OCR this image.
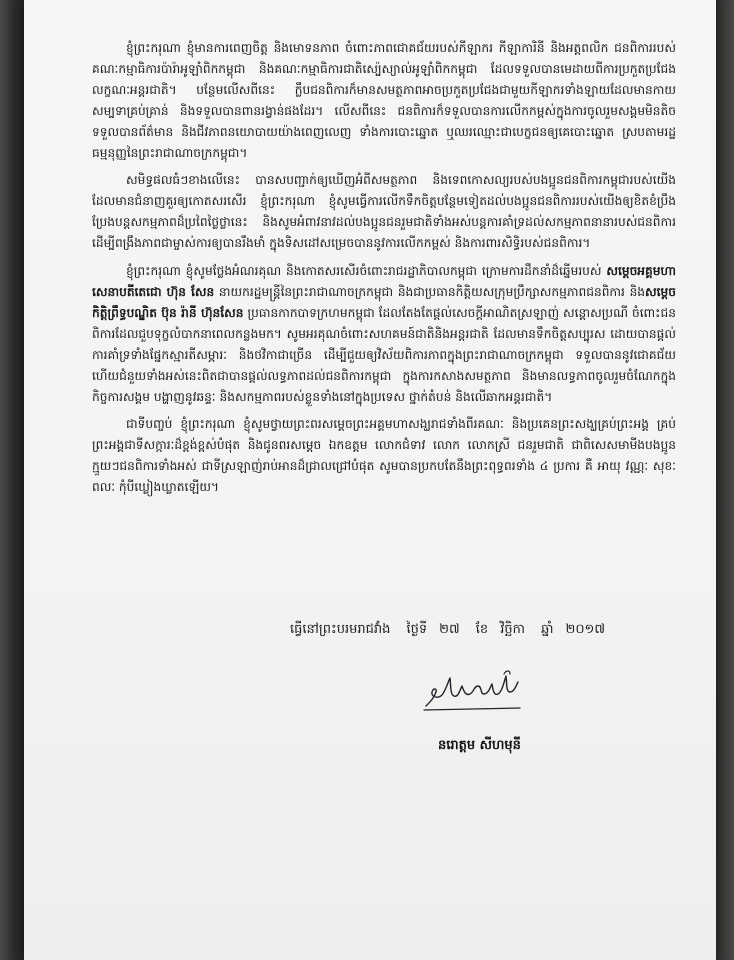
ខ្ញុំព្រះករុណា ខ្ញុំមានការពេញចិត្ដ និងមោទនភាព ចំពោះភាពជោគជ័យរបស់កីឡាករ កីឡាការិនី និងអត្តពលិក ជនពិការរបស់គណៈកម្មាធិការប៉ារ៉ាអូឡាំពិកកម្ពុជា និងគណៈកម្មាធិការជាតិស្ប៉េស្យាល់អូឡាំពិកកម្ពុជា ដែលទទួលបានមេដាយពីការប្រកួតប្រជែងលក្ខណៈអន្ដរជាតិ។ បន្ថែមលើសពីនេះ ក្លឹបជនពិការក៏មានសមត្ថភាពអាចប្រកួតប្រជែងជាមួយកីឡាករទាំងឡាយដែលមានកាយសម្បទាគ្រប់គ្រាន់ និងទទួលបានពានរង្វាន់ផងដែរ។ លើសពីនេះ ជនពិការក៏ទទួលបានការលើកកម្ពស់ក្នុងការចូលរួមសង្គមមិនតិចទទួលបានព័ត៌មាន និងជីវភាពនយោបាយយ៉ាងពេញលេញ ទាំងការបោះឆ្នោត ឬឈរឈ្មោះជាបេក្ខជនឲ្យគេបោះឆ្នោត ស្របតាមរដ្ឋធម្មនុញ្ញនៃព្រះរាជាណាចក្រកម្ពុជា។

សមិទ្ធផលធំៗខាងលើនេះ បានសបញ្ជាក់ឲ្យឃើញអំពីសមត្ថភាព និងទេពកោសល្យរបស់បងប្អូនជនពិការកម្ពុជារបស់យើង ដែលមានជំនាញគួរឲ្យកោតសរសើរ ខ្ញុំព្រះករុណា ខ្ញុំសូមធ្វើការលើកទឹកចិត្តបន្ថែមទៀតដល់បងប្អូនជនពិការរបស់យើងឲ្យខិតខំប្រឹងប្រែងបន្តសកម្មភាពដ៏ប្រពៃថ្លៃថ្លានេះ និងសូមអំពាវនាវដល់បងប្អូនជនរួមជាតិទាំងអស់បន្តការគាំទ្រដល់សកម្មភាពនានារបស់ជនពិការ ដើម្បីពង្រឹងភាពជាម្ចាស់ការឲ្យបានរឹងមាំ ក្នុងទិសដៅសម្រេចបាននូវការលើកកម្ពស់ និងការពារសិទ្ធិរបស់ជនពិការ។

ខ្ញុំព្រះករុណា ខ្ញុំសូមថ្លែងអំណរគុណ និងកោតសរសើរចំពោះរាជរដ្ឋាភិបាលកម្ពុជា ក្រោមការដឹកនាំដ៏ឆ្នើមរបស់ សម្ដេចអគ្គមហាសេនាបតីតេជោ ហ៊ុន សែន នាយករដ្ឋមន្ត្រីនៃព្រះរាជាណាចក្រកម្ពុជា និងជាប្រធានកិត្តិយសក្រុមប្រឹក្សាសកម្មភាពជនពិការ និងសម្ដេចកិត្តិព្រឹទ្ធបណ្ឌិត ប៊ុន រ៉ានី ហ៊ុនសែន ប្រធានកាកបាទក្រហមកម្ពុជា ដែលតែងតែផ្ដល់សេចក្ដីអាណិតស្រឡាញ់ សន្ដោសប្រណី ចំពោះជនពិការដែលជួបទុក្ខលំបាកនាពេលកន្លងមក។ សូមអរគុណចំពោះសហគមន៍ជាតិនិងអន្ដរជាតិ ដែលមានទឹកចិត្តសប្បុរស ដោយបានផ្ដល់ការគាំទ្រទាំងផ្នែកស្មារតីសម្ភារៈ និងថវិកាជាច្រើន ដើម្បីជួយឲ្យវិស័យពិការភាពក្នុងព្រះរាជាណាចក្រកម្ពុជា ទទួលបាននូវជោគជ័យ ហើយជំនួយទាំងអស់នេះពិតជាបានផ្ដល់លទ្ធភាពដល់ជនពិការកម្ពុជា ក្នុងការកសាងសមត្ថភាព និងមានលទ្ធភាពចូលរួមចំណែកក្នុងកិច្ចការសង្គម បង្ហាញនូវឆន្ទៈ និងសកម្មភាពរបស់ខ្លួនទាំងនៅក្នុងប្រទេស ថ្នាក់តំបន់ និងលើឆាកអន្ដរជាតិ។

ជាទីបញ្ចប់ ខ្ញុំព្រះករុណា ខ្ញុំសូមថ្វាយព្រះពរសម្ដេចព្រះអគ្គមហាសង្ឃរាជទាំងពីរគណៈ និងប្រគេនព្រះសង្ឃគ្រប់ព្រះអង្គ គ្រប់ព្រះអង្គជាទីសក្ការៈដ៏ខ្ពង់ខ្ពស់បំផុត និងជូនពរសម្ដេច ឯកឧត្ដម លោកជំទាវ លោក លោកស្រី ជនរួមជាតិ ជាពិសេសមាមីងបងប្អូន ក្មួយៗជនពិការទាំងអស់ ជាទីស្រឡាញ់រាប់អានដ៏ជ្រាលជ្រៅបំផុត សូមបានប្រកបតែនឹងព្រះពុទ្ធពរទាំង ៤ ប្រការ គឺ អាយុ វណ្ណៈ សុខៈ ពលៈ កុំបីឃ្លៀងឃ្លាតឡើយ។

ធ្វើនៅព្រះបរមរាជវាំង ថ្ងៃទី ២៧ ខែ វិច្ឆិកា ឆ្នាំ ២០១៧
នរោត្តម សីហមុនី
